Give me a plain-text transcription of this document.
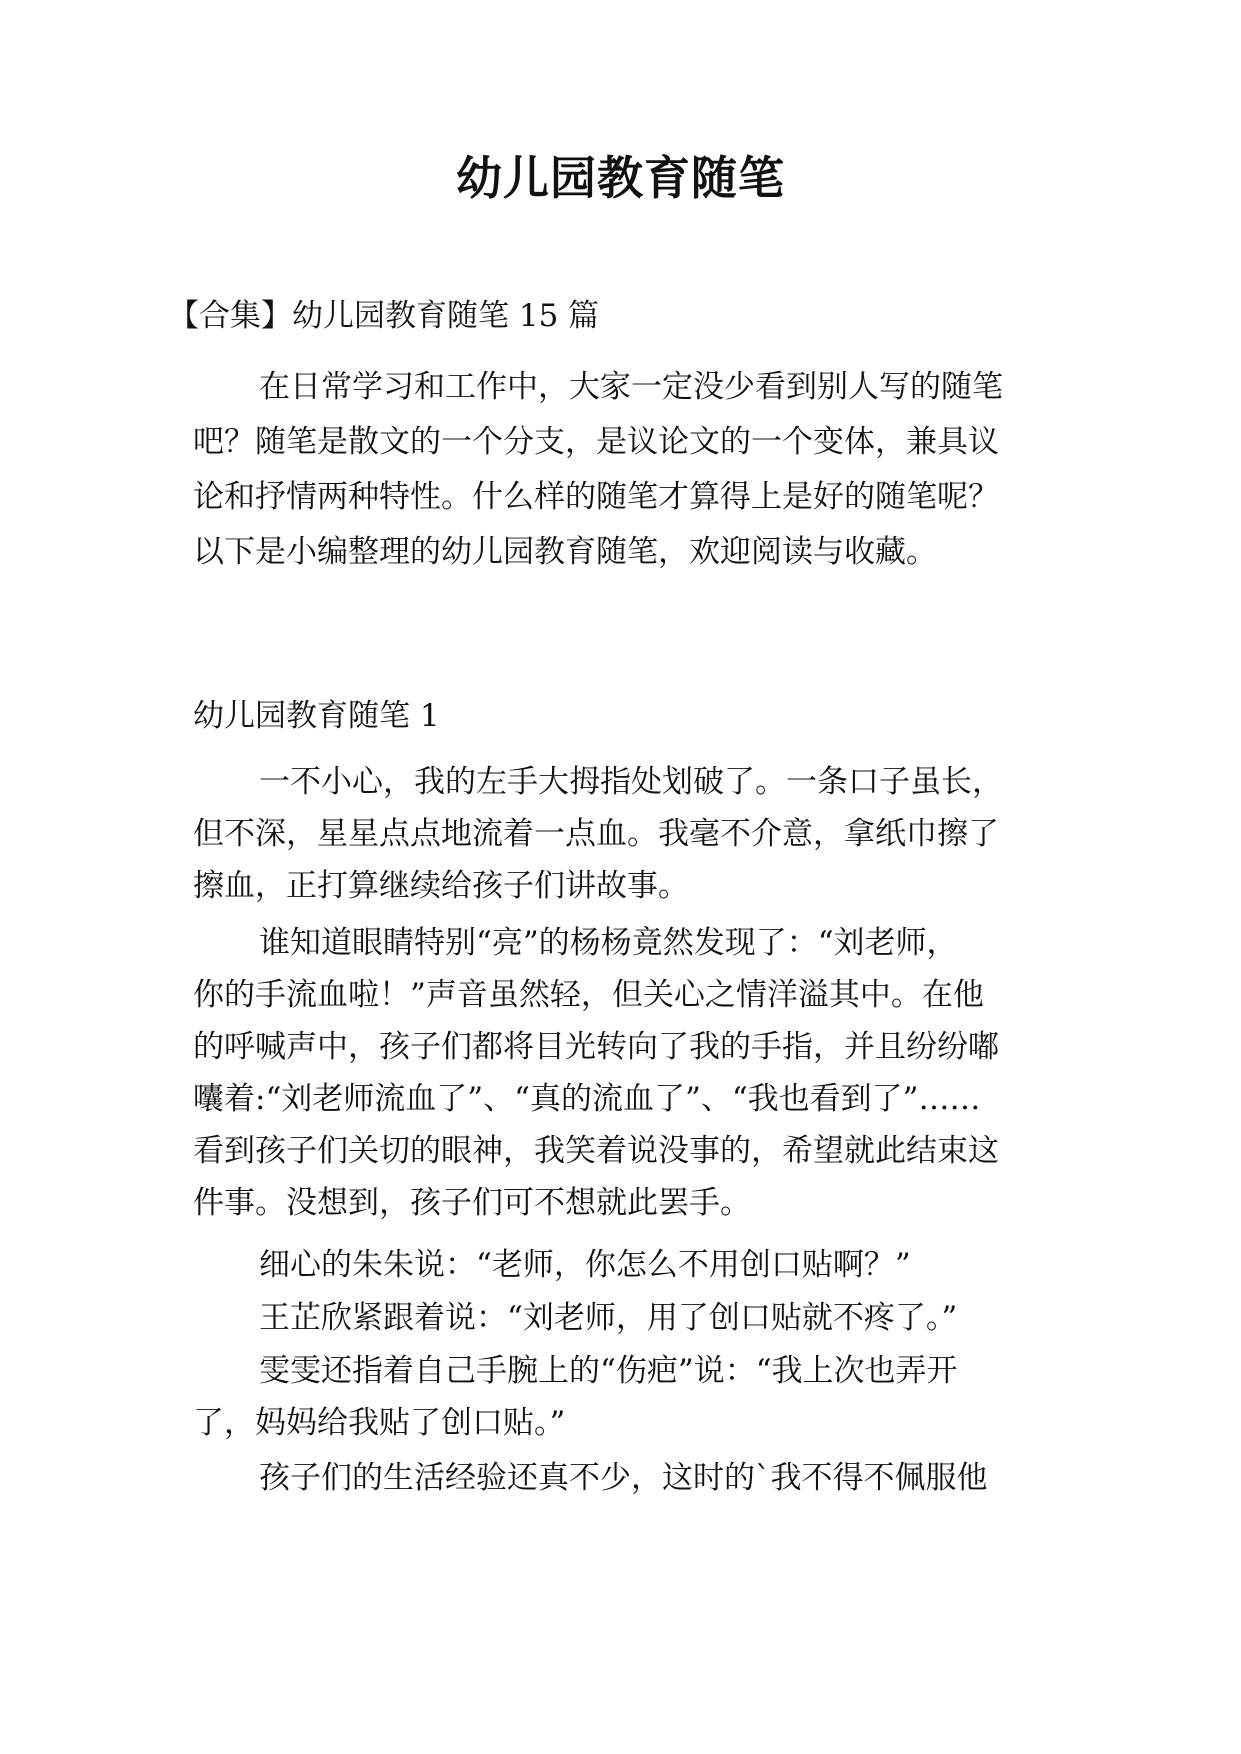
幼儿园教育随笔

【合集】幼儿园教育随笔 15 篇

在日常学习和工作中，大家一定没少看到别人写的随笔
吧？随笔是散文的一个分支，是议论文的一个变体，兼具议
论和抒情两种特性。什么样的随笔才算得上是好的随笔呢？
以下是小编整理的幼儿园教育随笔，欢迎阅读与收藏。

幼儿园教育随笔 1

一不小心，我的左手大拇指处划破了。一条口子虽长，
但不深，星星点点地流着一点血。我毫不介意，拿纸巾擦了
擦血，正打算继续给孩子们讲故事。
谁知道眼睛特别“亮”的杨杨竟然发现了：“刘老师，
你的手流血啦！”声音虽然轻，但关心之情洋溢其中。在他
的呼喊声中，孩子们都将目光转向了我的手指，并且纷纷嘟
囔着:“刘老师流血了”、“真的流血了”、“我也看到了”……
看到孩子们关切的眼神，我笑着说没事的，希望就此结束这
件事。没想到，孩子们可不想就此罢手。
细心的朱朱说：“老师，你怎么不用创口贴啊？”
王芷欣紧跟着说：“刘老师，用了创口贴就不疼了。”
雯雯还指着自己手腕上的“伤疤”说：“我上次也弄开
了，妈妈给我贴了创口贴。”
孩子们的生活经验还真不少，这时的`我不得不佩服他
